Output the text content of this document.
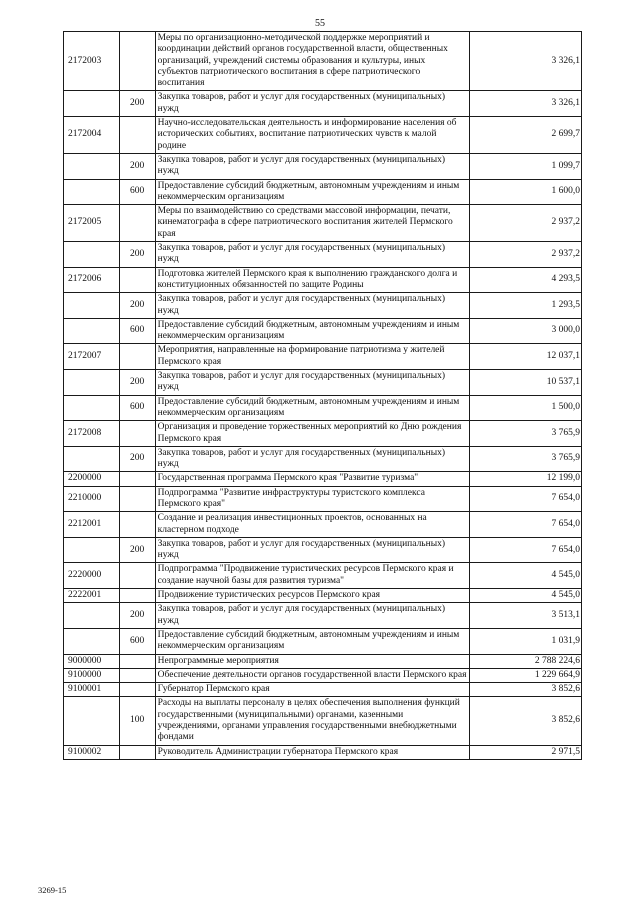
55
2172003		Меры по организационно-методической поддержке мероприятий и координации действий органов государственной власти, общественных организаций, учреждений системы образования и культуры, иных субъектов патриотического воспитания в сфере патриотического воспитания	3 326,1
	200	Закупка товаров, работ и услуг для государственных (муниципальных) нужд	3 326,1
2172004		Научно-исследовательская деятельность и информирование населения об исторических событиях, воспитание патриотических чувств к малой родине	2 699,7
	200	Закупка товаров, работ и услуг для государственных (муниципальных) нужд	1 099,7
	600	Предоставление субсидий бюджетным, автономным учреждениям и иным некоммерческим организациям	1 600,0
2172005		Меры по взаимодействию со средствами массовой информации, печати, кинематографа в сфере патриотического воспитания жителей Пермского края	2 937,2
	200	Закупка товаров, работ и услуг для государственных (муниципальных) нужд	2 937,2
2172006		Подготовка жителей Пермского края к выполнению гражданского долга и конституционных обязанностей по защите Родины	4 293,5
	200	Закупка товаров, работ и услуг для государственных (муниципальных) нужд	1 293,5
	600	Предоставление субсидий бюджетным, автономным учреждениям и иным некоммерческим организациям	3 000,0
2172007		Мероприятия, направленные на формирование патриотизма у жителей Пермского края	12 037,1
	200	Закупка товаров, работ и услуг для государственных (муниципальных) нужд	10 537,1
	600	Предоставление субсидий бюджетным, автономным учреждениям и иным некоммерческим организациям	1 500,0
2172008		Организация и проведение торжественных мероприятий ко Дню рождения Пермского края	3 765,9
	200	Закупка товаров, работ и услуг для государственных (муниципальных) нужд	3 765,9
2200000		Государственная программа Пермского края "Развитие туризма"	12 199,0
2210000		Подпрограмма "Развитие инфраструктуры туристского комплекса Пермского края"	7 654,0
2212001		Создание и реализация инвестиционных проектов, основанных на кластерном подходе	7 654,0
	200	Закупка товаров, работ и услуг для государственных (муниципальных) нужд	7 654,0
2220000		Подпрограмма "Продвижение туристических ресурсов Пермского края и создание научной базы для развития туризма"	4 545,0
2222001		Продвижение туристических ресурсов Пермского края	4 545,0
	200	Закупка товаров, работ и услуг для государственных (муниципальных) нужд	3 513,1
	600	Предоставление субсидий бюджетным, автономным учреждениям и иным некоммерческим организациям	1 031,9
9000000		Непрограммные мероприятия	2 788 224,6
9100000		Обеспечение деятельности органов государственной власти Пермского края	1 229 664,9
9100001		Губернатор Пермского края	3 852,6
	100	Расходы на выплаты персоналу в целях обеспечения выполнения функций государственными (муниципальными) органами, казенными учреждениями, органами управления государственными внебюджетными фондами	3 852,6
9100002		Руководитель Администрации губернатора Пермского края	2 971,5
3269-15
